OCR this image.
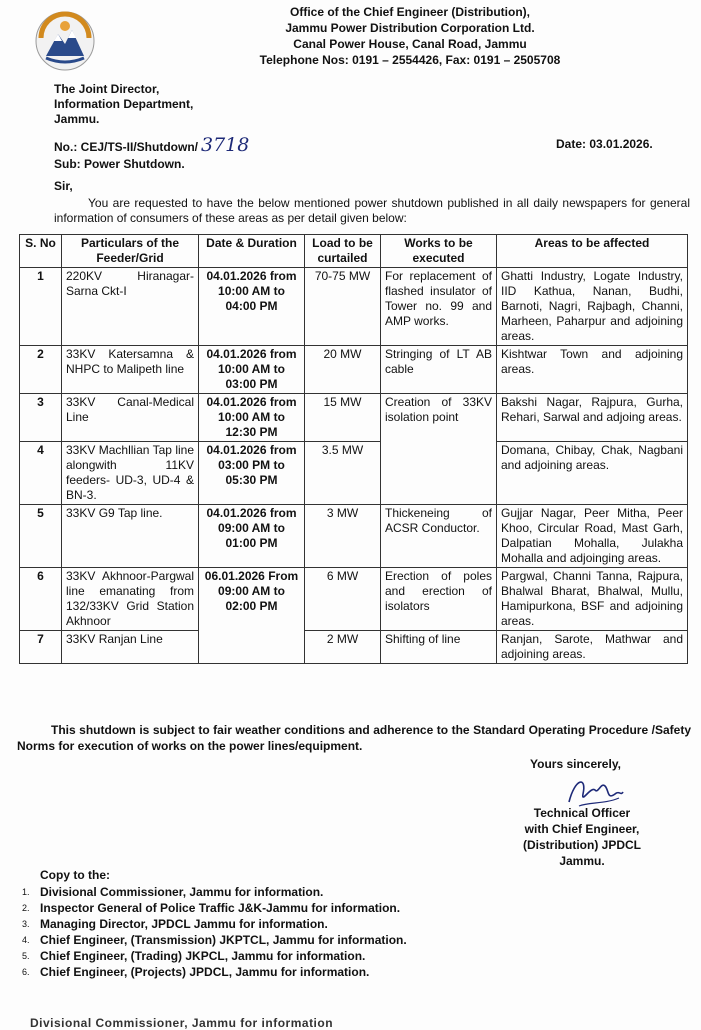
Office of the Chief Engineer (Distribution),
Jammu Power Distribution Corporation Ltd.
Canal Power House, Canal Road, Jammu
Telephone Nos: 0191 – 2554426, Fax: 0191 – 2505708
The Joint Director,
Information Department,
Jammu.
No.: CEJ/TS-II/Shutdown/ 3718	Date: 03.01.2026.
Sub: Power Shutdown.
Sir,
You are requested to have the below mentioned power shutdown published in all daily newspapers for general information of consumers of these areas as per detail given below:
S. No	Particulars of the Feeder/Grid	Date & Duration	Load to be curtailed	Works to be executed	Areas to be affected
1	220KV Hiranagar-Sarna Ckt-I	04.01.2026 from 10:00 AM to 04:00 PM	70-75 MW	For replacement of flashed insulator of Tower no. 99 and AMP works.	Ghatti Industry, Logate Industry, IID Kathua, Nanan, Budhi, Barnoti, Nagri, Rajbagh, Channi, Marheen, Paharpur and adjoining areas.
2	33KV Katersamna & NHPC to Malipeth line	04.01.2026 from 10:00 AM to 03:00 PM	20 MW	Stringing of LT AB cable	Kishtwar Town and adjoining areas.
3	33KV Canal-Medical Line	04.01.2026 from 10:00 AM to 12:30 PM	15 MW	Creation of 33KV isolation point	Bakshi Nagar, Rajpura, Gurha, Rehari, Sarwal and adjoing areas.
4	33KV Machllian Tap line alongwith 11KV feeders- UD-3, UD-4 & BN-3.	04.01.2026 from 03:00 PM to 05:30 PM	3.5 MW		Domana, Chibay, Chak, Nagbani and adjoining areas.
5	33KV G9 Tap line.	04.01.2026 from 09:00 AM to 01:00 PM	3 MW	Thickeneing of ACSR Conductor.	Gujjar Nagar, Peer Mitha, Peer Khoo, Circular Road, Mast Garh, Dalpatian Mohalla, Julakha Mohalla and adjoinging areas.
6	33KV Akhnoor-Pargwal line emanating from 132/33KV Grid Station Akhnoor	06.01.2026 From 09:00 AM to 02:00 PM	6 MW	Erection of poles and erection of isolators	Pargwal, Channi Tanna, Rajpura, Bhalwal Bharat, Bhalwal, Mullu, Hamipurkona, BSF and adjoining areas.
7	33KV Ranjan Line		2 MW	Shifting of line	Ranjan, Sarote, Mathwar and adjoining areas.
This shutdown is subject to fair weather conditions and adherence to the Standard Operating Procedure /Safety Norms for execution of works on the power lines/equipment.
Yours sincerely,
Technical Officer
with Chief Engineer,
(Distribution) JPDCL
Jammu.
Copy to the:
1. Divisional Commissioner, Jammu for information.
2. Inspector General of Police Traffic J&K-Jammu for information.
3. Managing Director, JPDCL Jammu for information.
4. Chief Engineer, (Transmission) JKPTCL, Jammu for information.
5. Chief Engineer, (Trading) JKPCL, Jammu for information.
6. Chief Engineer, (Projects) JPDCL, Jammu for information.
Divisional Commissioner, Jammu for information
